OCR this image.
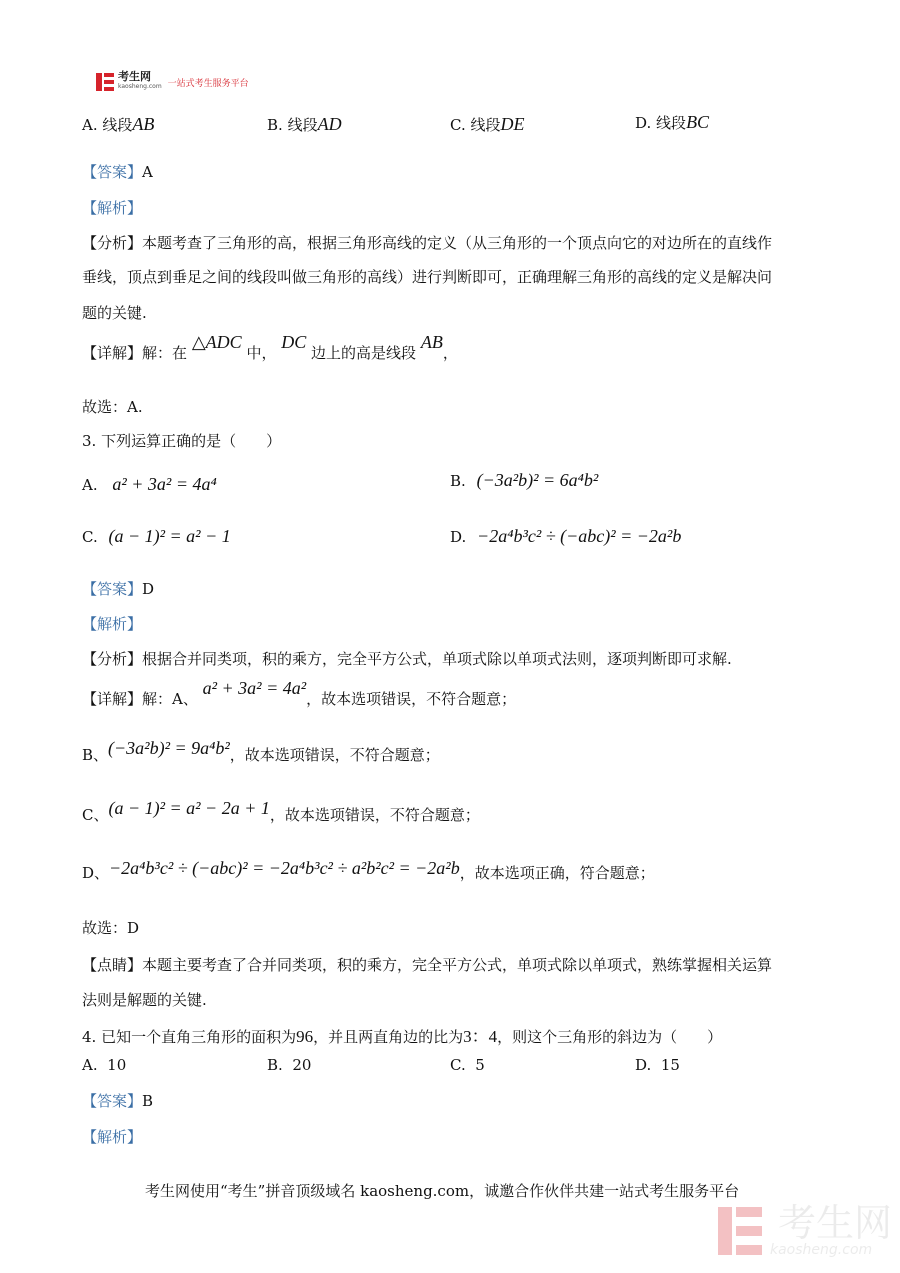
考生网
kaosheng.com 一站式考生服务平台
A. 线段AB	B. 线段AD	C. 线段DE	D. 线段BC
【答案】A
【解析】
【分析】本题考查了三角形的高，根据三角形高线的定义（从三角形的一个顶点向它的对边所在的直线作
垂线，顶点到垂足之间的线段叫做三角形的高线）进行判断即可，正确理解三角形的高线的定义是解决问
题的关键.
【详解】解：在 △ADC 中， DC 边上的高是线段 AB，
故选：A.
3. 下列运算正确的是（　　）
A. a² + 3a² = 4a⁴	B. (−3a²b)² = 6a⁴b²
C. (a − 1)² = a² − 1	D. −2a⁴b³c² ÷ (−abc)² = −2a²b
【答案】D
【解析】
【分析】根据合并同类项，积的乘方，完全平方公式，单项式除以单项式法则，逐项判断即可求解.
【详解】解：A、 a² + 3a² = 4a²，故本选项错误，不符合题意；
B、(−3a²b)² = 9a⁴b²，故本选项错误，不符合题意；
C、(a − 1)² = a² − 2a + 1，故本选项错误，不符合题意；
D、−2a⁴b³c² ÷ (−abc)² = −2a⁴b³c² ÷ a²b²c² = −2a²b，故本选项正确，符合题意；
故选：D
【点睛】本题主要考查了合并同类项，积的乘方，完全平方公式，单项式除以单项式，熟练掌握相关运算
法则是解题的关键.
4. 已知一个直角三角形的面积为96，并且两直角边的比为3：4，则这个三角形的斜边为（　　）
A. 10	B. 20	C. 5	D. 15
【答案】B
【解析】
考生网使用“考生”拼音顶级域名 kaosheng.com，诚邀合作伙伴共建一站式考生服务平台
考生网
kaosheng.com
